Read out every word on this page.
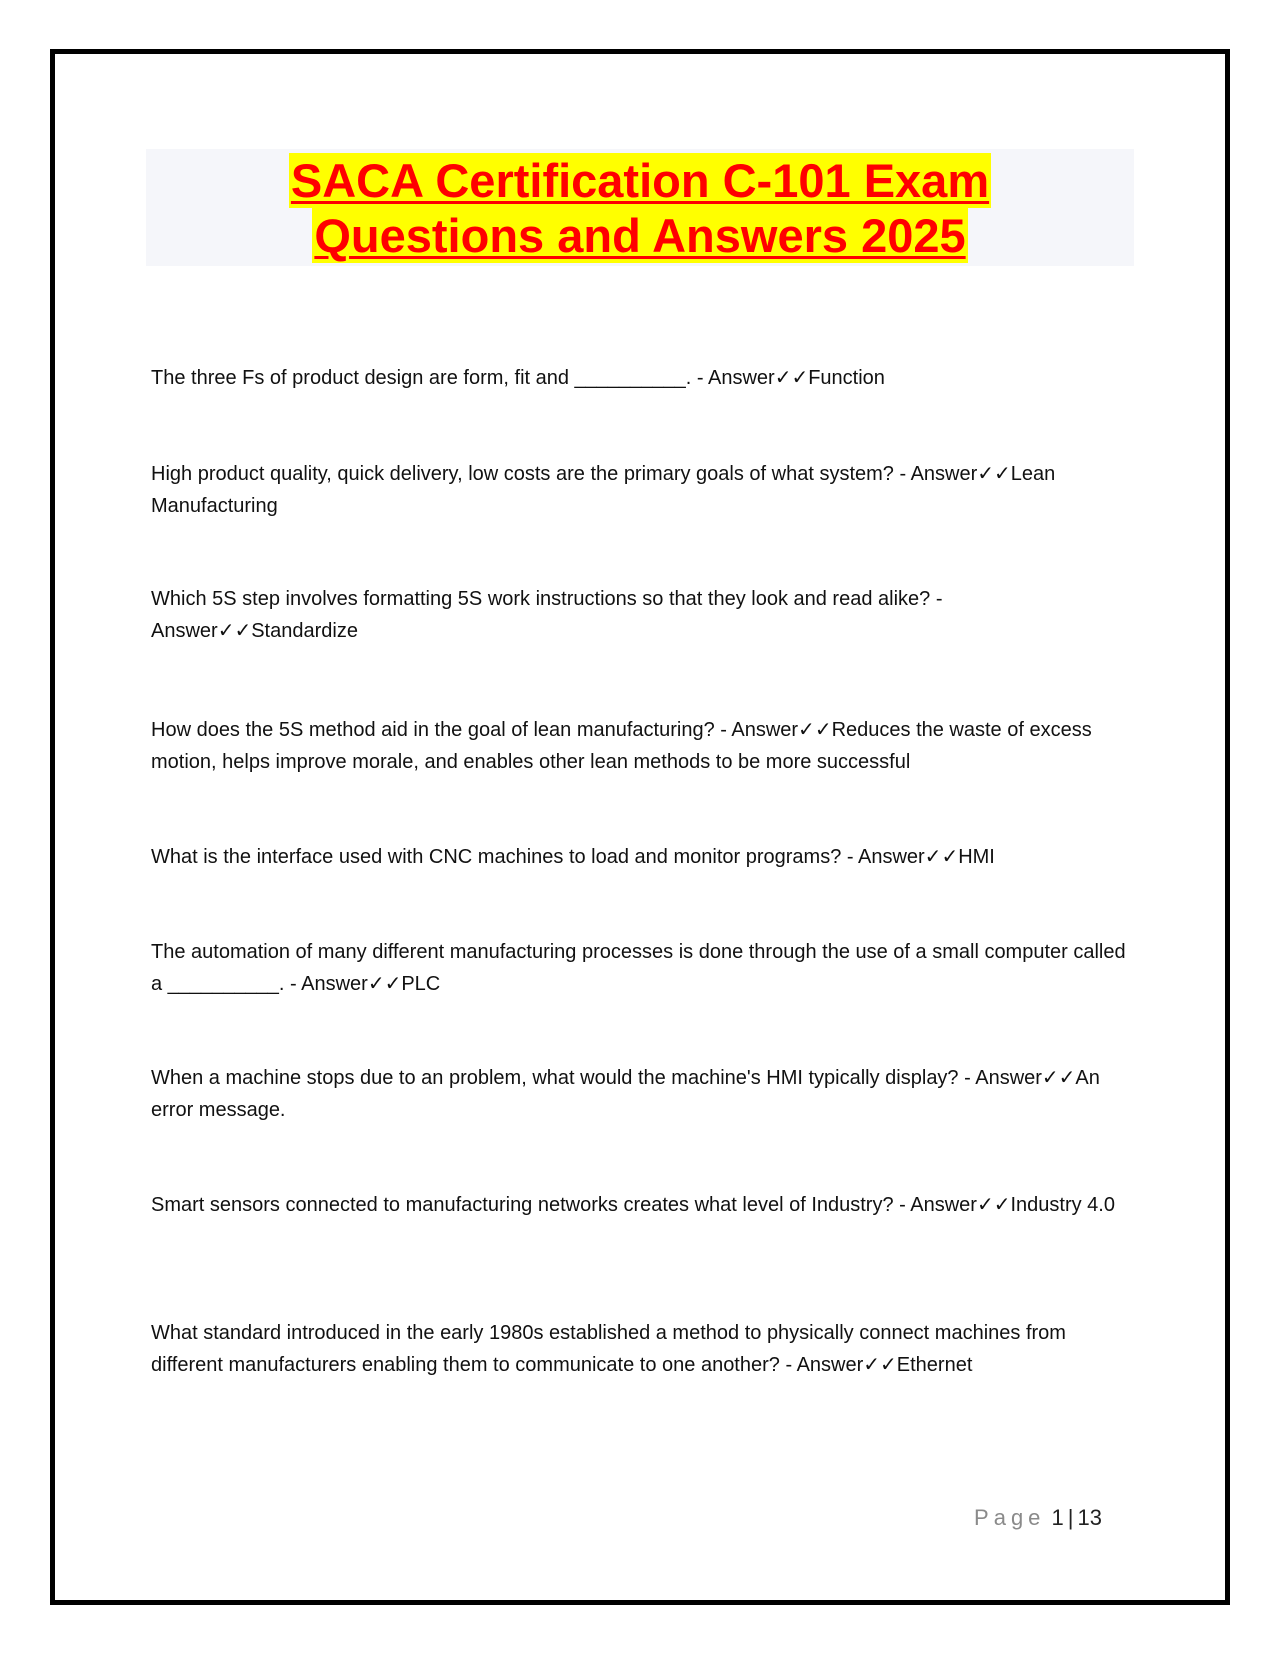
SACA Certification C-101 Exam
Questions and Answers 2025

The three Fs of product design are form, fit and __________. - Answer✓✓Function

High product quality, quick delivery, low costs are the primary goals of what system? - Answer✓✓Lean Manufacturing

Which 5S step involves formatting 5S work instructions so that they look and read alike? - Answer✓✓Standardize

How does the 5S method aid in the goal of lean manufacturing? - Answer✓✓Reduces the waste of excess motion, helps improve morale, and enables other lean methods to be more successful

What is the interface used with CNC machines to load and monitor programs? - Answer✓✓HMI

The automation of many different manufacturing processes is done through the use of a small computer called a __________. - Answer✓✓PLC

When a machine stops due to an problem, what would the machine's HMI typically display? - Answer✓✓An error message.

Smart sensors connected to manufacturing networks creates what level of Industry? - Answer✓✓Industry 4.0

What standard introduced in the early 1980s established a method to physically connect machines from different manufacturers enabling them to communicate to one another? - Answer✓✓Ethernet

Page 1 | 13
